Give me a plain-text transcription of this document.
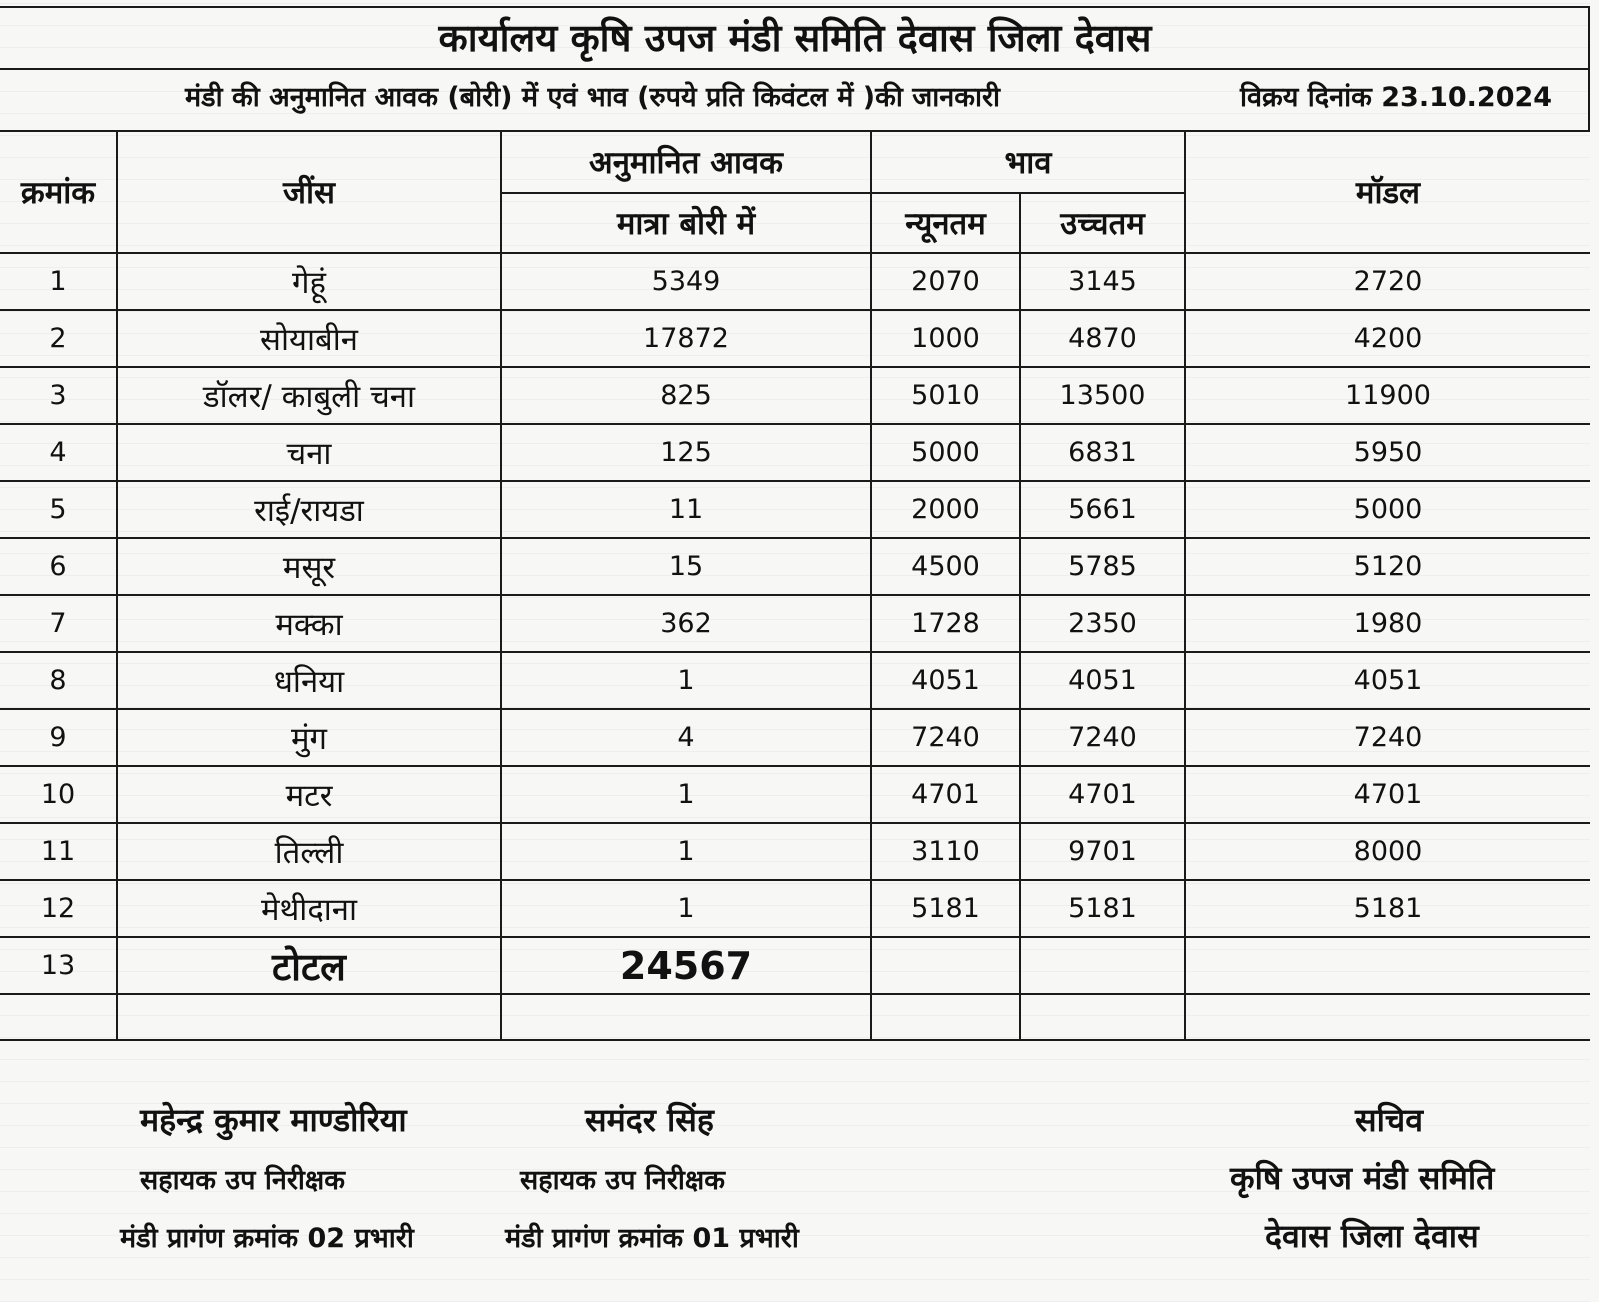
कार्यालय कृषि उपज मंडी समिति देवास जिला देवास
मंडी की अनुमानित आवक (बोरी) में एवं भाव (रुपये प्रति किवंटल में )की जानकारी	विक्रय दिनांक 23.10.2024
क्रमांक	जींस	अनुमानित आवक	भाव		मॉडल
		मात्रा बोरी में	न्यूनतम	उच्चतम	
1	गेहूं	5349	2070	3145	2720
2	सोयाबीन	17872	1000	4870	4200
3	डॉलर/ काबुली चना	825	5010	13500	11900
4	चना	125	5000	6831	5950
5	राई/रायडा	11	2000	5661	5000
6	मसूर	15	4500	5785	5120
7	मक्का	362	1728	2350	1980
8	धनिया	1	4051	4051	4051
9	मुंग	4	7240	7240	7240
10	मटर	1	4701	4701	4701
11	तिल्ली	1	3110	9701	8000
12	मेथीदाना	1	5181	5181	5181
13	टोटल	24567			

महेन्द्र कुमार माण्डोरिया
सहायक उप निरीक्षक
मंडी प्रागंण क्रमांक 02 प्रभारी
समंदर सिंह
सहायक उप निरीक्षक
मंडी प्रागंण क्रमांक 01 प्रभारी
सचिव
कृषि उपज मंडी समिति
देवास जिला देवास
